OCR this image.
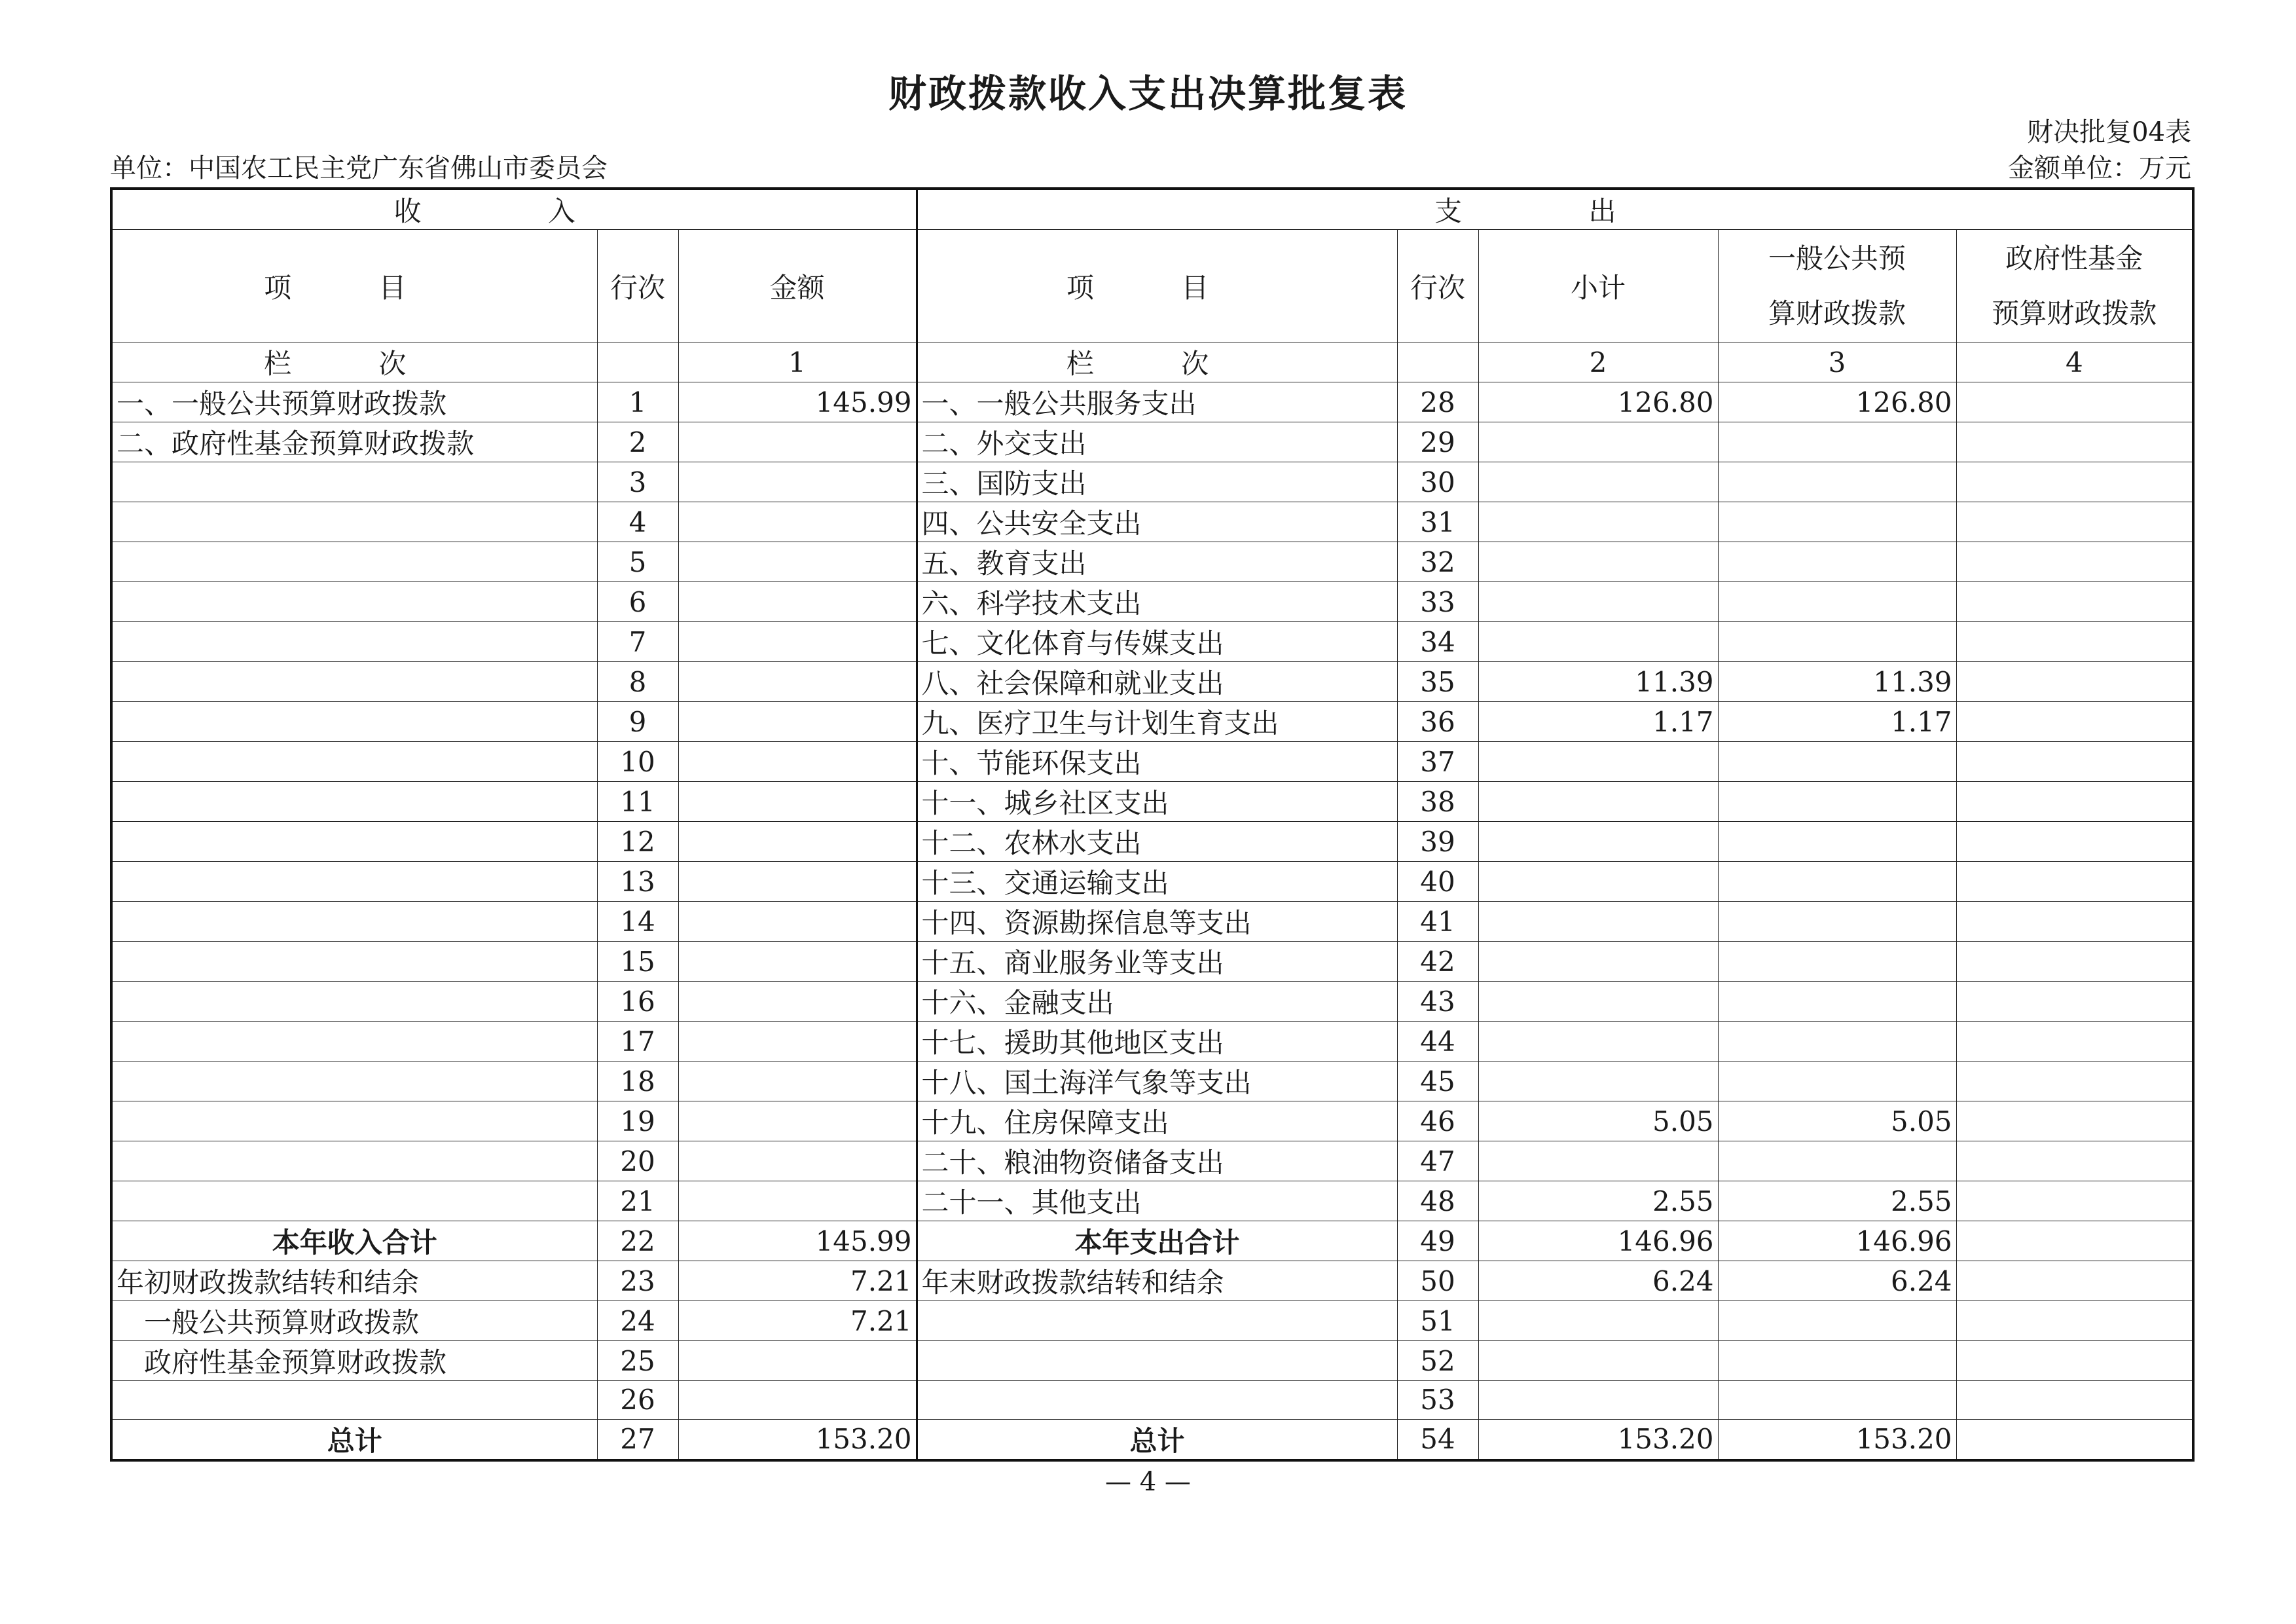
财政拨款收入支出决算批复表
财决批复04表
单位：中国农工民主党广东省佛山市委员会	金额单位：万元
收 入			支 出				
项 目	行次	金额	项 目	行次	小计	一般公共预
算财政拨款	政府性基金
预算财政拨款
栏 次		1	栏 次		2	3	4
一、一般公共预算财政拨款	1	145.99	一、一般公共服务支出	28	126.80	126.80	
二、政府性基金预算财政拨款	2		二、外交支出	29			
	3		三、国防支出	30			
	4		四、公共安全支出	31			
	5		五、教育支出	32			
	6		六、科学技术支出	33			
	7		七、文化体育与传媒支出	34			
	8		八、社会保障和就业支出	35	11.39	11.39	
	9		九、医疗卫生与计划生育支出	36	1.17	1.17	
	10		十、节能环保支出	37			
	11		十一、城乡社区支出	38			
	12		十二、农林水支出	39			
	13		十三、交通运输支出	40			
	14		十四、资源勘探信息等支出	41			
	15		十五、商业服务业等支出	42			
	16		十六、金融支出	43			
	17		十七、援助其他地区支出	44			
	18		十八、国土海洋气象等支出	45			
	19		十九、住房保障支出	46	5.05	5.05	
	20		二十、粮油物资储备支出	47			
	21		二十一、其他支出	48	2.55	2.55	
本年收入合计	22	145.99	本年支出合计	49	146.96	146.96	
年初财政拨款结转和结余	23	7.21	年末财政拨款结转和结余	50	6.24	6.24	
一般公共预算财政拨款	24	7.21		51			
政府性基金预算财政拨款	25			52			
	26			53			
总计	27	153.20	总计	54	153.20	153.20	
— 4 —
